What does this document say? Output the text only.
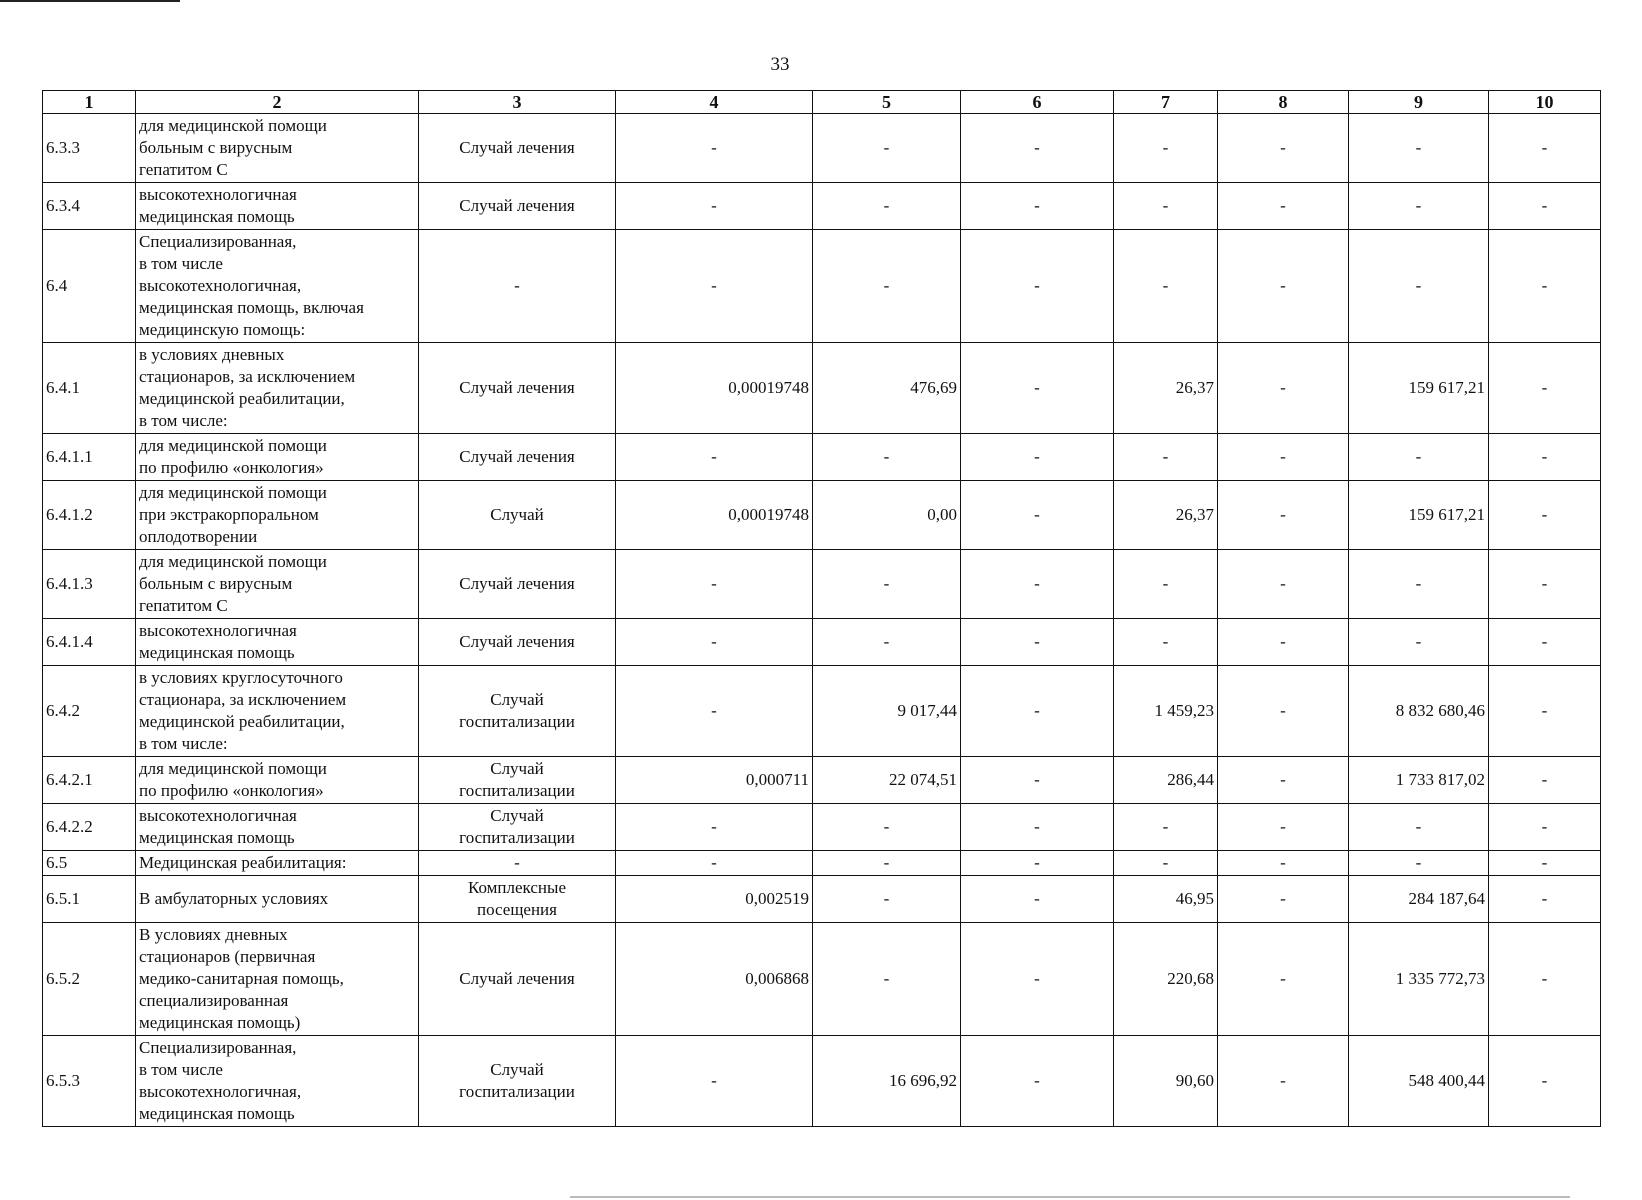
33
1	2	3	4	5	6	7	8	9	10
6.3.3	для медицинской помощи
больным с вирусным
гепатитом С	Случай лечения	-	-	-	-	-	-	-
6.3.4	высокотехнологичная
медицинская помощь	Случай лечения	-	-	-	-	-	-	-
6.4	Специализированная,
в том числе
высокотехнологичная,
медицинская помощь, включая
медицинскую помощь:	-	-	-	-	-	-	-	-
6.4.1	в условиях дневных
стационаров, за исключением
медицинской реабилитации,
в том числе:	Случай лечения	0,00019748	476,69	-	26,37	-	159 617,21	-
6.4.1.1	для медицинской помощи
по профилю «онкология»	Случай лечения	-	-	-	-	-	-	-
6.4.1.2	для медицинской помощи
при экстракорпоральном
оплодотворении	Случай	0,00019748	0,00	-	26,37	-	159 617,21	-
6.4.1.3	для медицинской помощи
больным с вирусным
гепатитом С	Случай лечения	-	-	-	-	-	-	-
6.4.1.4	высокотехнологичная
медицинская помощь	Случай лечения	-	-	-	-	-	-	-
6.4.2	в условиях круглосуточного
стационара, за исключением
медицинской реабилитации,
в том числе:	Случай
госпитализации	-	9 017,44	-	1 459,23	-	8 832 680,46	-
6.4.2.1	для медицинской помощи
по профилю «онкология»	Случай
госпитализации	0,000711	22 074,51	-	286,44	-	1 733 817,02	-
6.4.2.2	высокотехнологичная
медицинская помощь	Случай
госпитализации	-	-	-	-	-	-	-
6.5	Медицинская реабилитация:	-	-	-	-	-	-	-	-
6.5.1	В амбулаторных условиях	Комплексные
посещения	0,002519	-	-	46,95	-	284 187,64	-
6.5.2	В условиях дневных
стационаров (первичная
медико-санитарная помощь,
специализированная
медицинская помощь)	Случай лечения	0,006868	-	-	220,68	-	1 335 772,73	-
6.5.3	Специализированная,
в том числе
высокотехнологичная,
медицинская помощь	Случай
госпитализации	-	16 696,92	-	90,60	-	548 400,44	-
